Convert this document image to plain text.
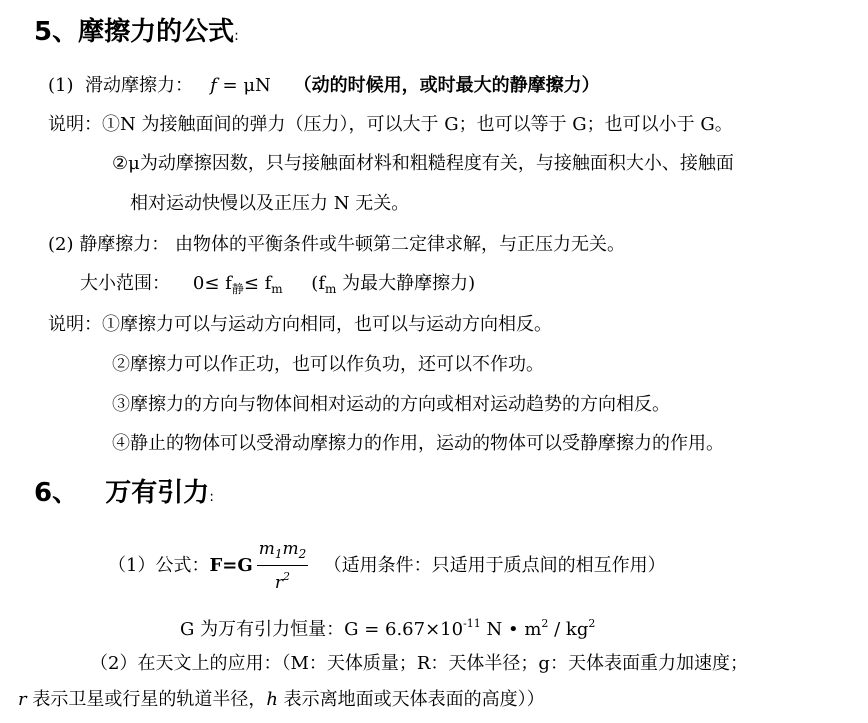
5、摩擦力的公式:
(1) 滑动摩擦力： f = μN （动的时候用，或时最大的静摩擦力）
说明：①N 为接触面间的弹力（压力），可以大于 G；也可以等于 G；也可以小于 G。
②μ为动摩擦因数，只与接触面材料和粗糙程度有关，与接触面积大小、接触面
相对运动快慢以及正压力 N 无关。
(2) 静摩擦力： 由物体的平衡条件或牛顿第二定律求解，与正压力无关。
大小范围： $0\le f_静\le f_m$ ($f_m$ 为最大静摩擦力)
说明：①摩擦力可以与运动方向相同，也可以与运动方向相反。
②摩擦力可以作正功，也可以作负功，还可以不作功。
③摩擦力的方向与物体间相对运动的方向或相对运动趋势的方向相反。
④静止的物体可以受滑动摩擦力的作用，运动的物体可以受静摩擦力的作用。
6、 万有引力:
（1）公式：$F=G \frac{m_1m_2}{r^2}$ （适用条件：只适用于质点间的相互作用）
G 为万有引力恒量：$G = 6.67\times 10^{-11}$ N • $m^2 / kg^2$
（2）在天文上的应用：（M：天体质量；R：天体半径；g：天体表面重力加速度；
r 表示卫星或行星的轨道半径，h 表示离地面或天体表面的高度））
